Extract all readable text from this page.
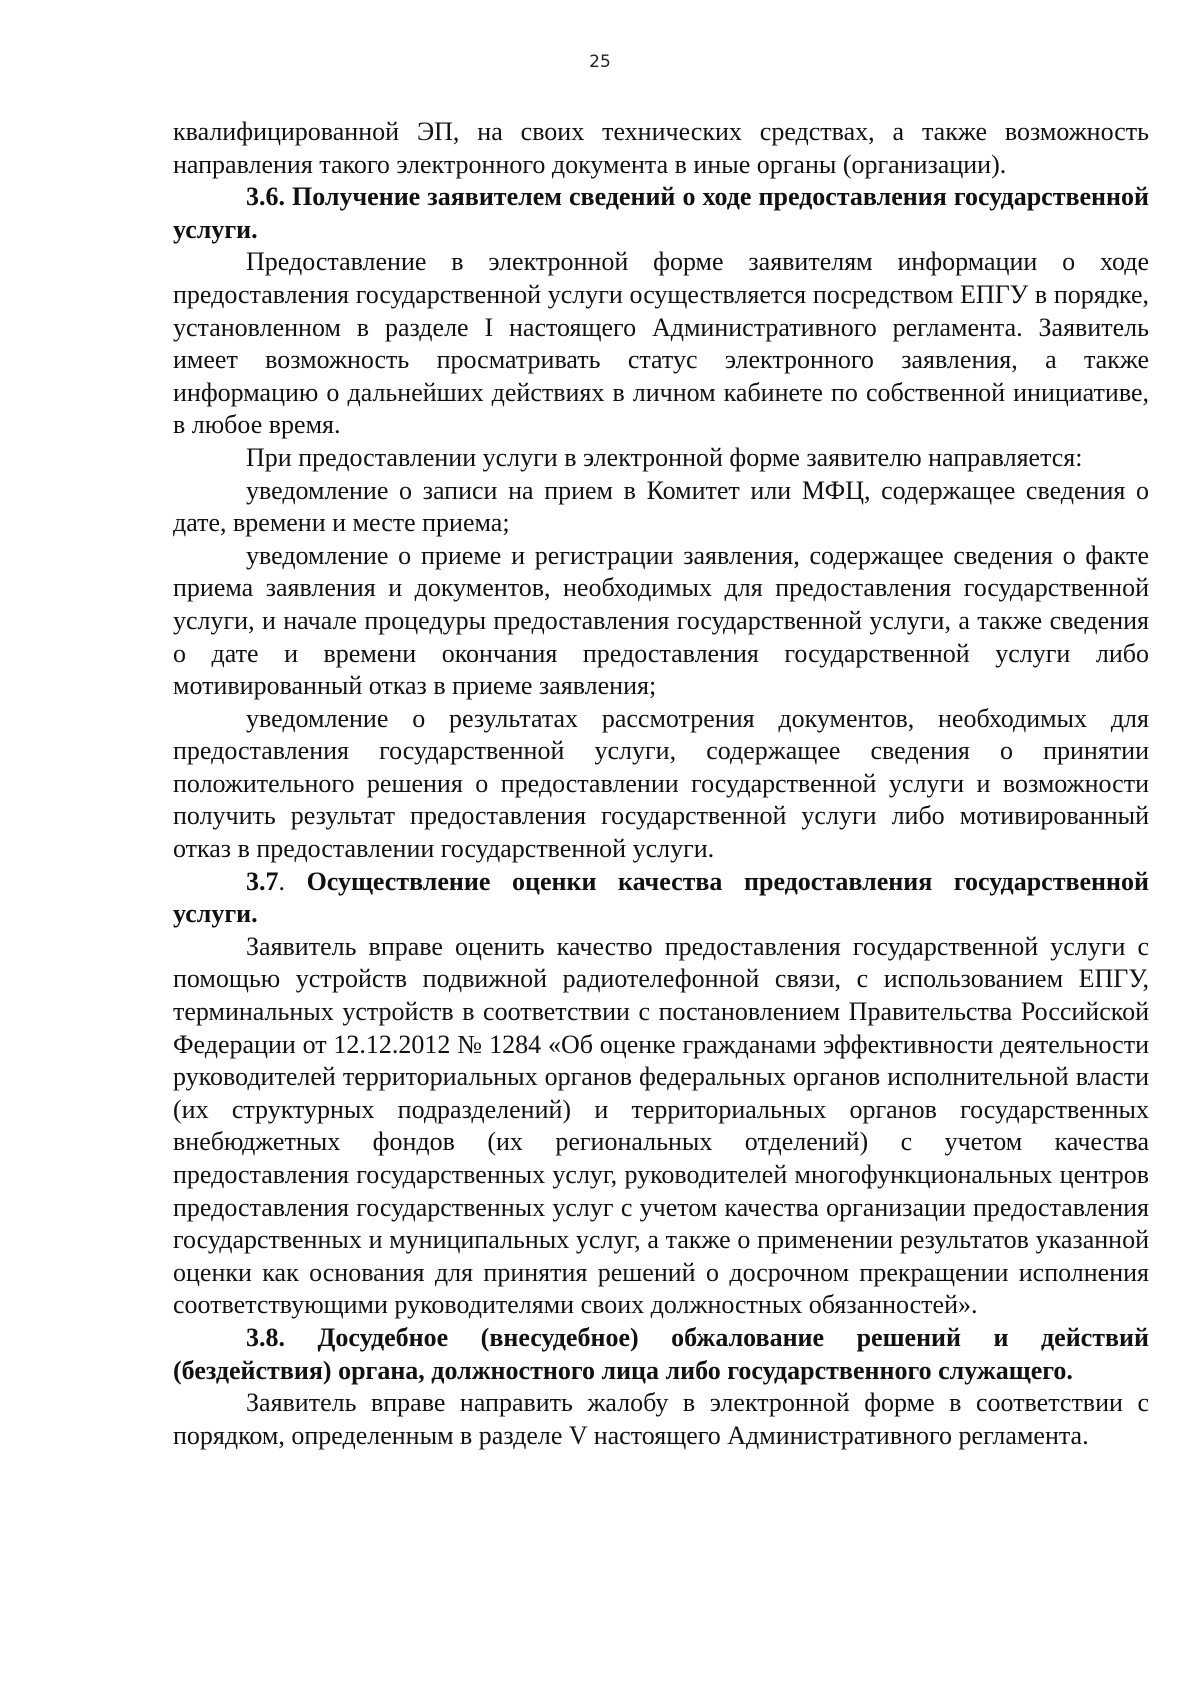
25

квалифицированной ЭП, на своих технических средствах, а также возможность направления такого электронного документа в иные органы (организации).

3.6. Получение заявителем сведений о ходе предоставления государственной услуги.

Предоставление в электронной форме заявителям информации о ходе предоставления государственной услуги осуществляется посредством ЕПГУ в порядке, установленном в разделе I настоящего Административного регламента. Заявитель имеет возможность просматривать статус электронного заявления, а также информацию о дальнейших действиях в личном кабинете по собственной инициативе, в любое время.

При предоставлении услуги в электронной форме заявителю направляется:

уведомление о записи на прием в Комитет или МФЦ, содержащее сведения о дате, времени и месте приема;

уведомление о приеме и регистрации заявления, содержащее сведения о факте приема заявления и документов, необходимых для предоставления государственной услуги, и начале процедуры предоставления государственной услуги, а также сведения о дате и времени окончания предоставления государственной услуги либо мотивированный отказ в приеме заявления;

уведомление о результатах рассмотрения документов, необходимых для предоставления государственной услуги, содержащее сведения о принятии положительного решения о предоставлении государственной услуги и возможности получить результат предоставления государственной услуги либо мотивированный отказ в предоставлении государственной услуги.

3.7. Осуществление оценки качества предоставления государственной услуги.

Заявитель вправе оценить качество предоставления государственной услуги с помощью устройств подвижной радиотелефонной связи, с использованием ЕПГУ, терминальных устройств в соответствии с постановлением Правительства Российской Федерации от 12.12.2012 № 1284 «Об оценке гражданами эффективности деятельности руководителей территориальных органов федеральных органов исполнительной власти (их структурных подразделений) и территориальных органов государственных внебюджетных фондов (их региональных отделений) с учетом качества предоставления государственных услуг, руководителей многофункциональных центров предоставления государственных услуг с учетом качества организации предоставления государственных и муниципальных услуг, а также о применении результатов указанной оценки как основания для принятия решений о досрочном прекращении исполнения соответствующими руководителями своих должностных обязанностей».

3.8. Досудебное (внесудебное) обжалование решений и действий (бездействия) органа, должностного лица либо государственного служащего.

Заявитель вправе направить жалобу в электронной форме в соответствии с порядком, определенным в разделе V настоящего Административного регламента.
